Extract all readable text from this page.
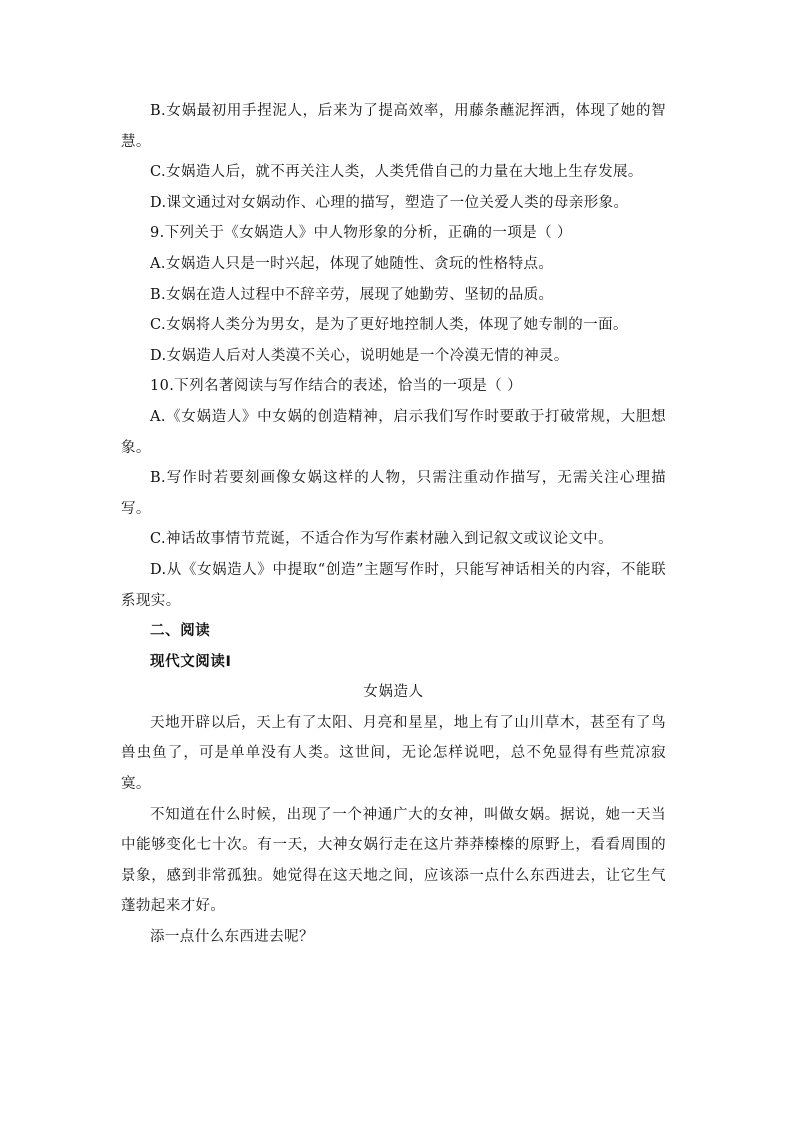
B.女娲最初用手捏泥人，后来为了提高效率，用藤条蘸泥挥洒，体现了她的智慧。

C.女娲造人后，就不再关注人类，人类凭借自己的力量在大地上生存发展。

D.课文通过对女娲动作、心理的描写，塑造了一位关爱人类的母亲形象。

9.下列关于《女娲造人》中人物形象的分析，正确的一项是（ ）

A.女娲造人只是一时兴起，体现了她随性、贪玩的性格特点。

B.女娲在造人过程中不辞辛劳，展现了她勤劳、坚韧的品质。

C.女娲将人类分为男女，是为了更好地控制人类，体现了她专制的一面。

D.女娲造人后对人类漠不关心，说明她是一个冷漠无情的神灵。

10.下列名著阅读与写作结合的表述，恰当的一项是（ ）

A.《女娲造人》中女娲的创造精神，启示我们写作时要敢于打破常规，大胆想象。

B.写作时若要刻画像女娲这样的人物，只需注重动作描写，无需关注心理描写。

C.神话故事情节荒诞，不适合作为写作素材融入到记叙文或议论文中。

D.从《女娲造人》中提取“创造”主题写作时，只能写神话相关的内容，不能联系现实。

二、阅读

现代文阅读Ⅰ

女娲造人

天地开辟以后，天上有了太阳、月亮和星星，地上有了山川草木，甚至有了鸟兽虫鱼了，可是单单没有人类。这世间，无论怎样说吧，总不免显得有些荒凉寂寞。

不知道在什么时候，出现了一个神通广大的女神，叫做女娲。据说，她一天当中能够变化七十次。有一天，大神女娲行走在这片莽莽榛榛的原野上，看看周围的景象，感到非常孤独。她觉得在这天地之间，应该添一点什么东西进去，让它生气蓬勃起来才好。

添一点什么东西进去呢？
